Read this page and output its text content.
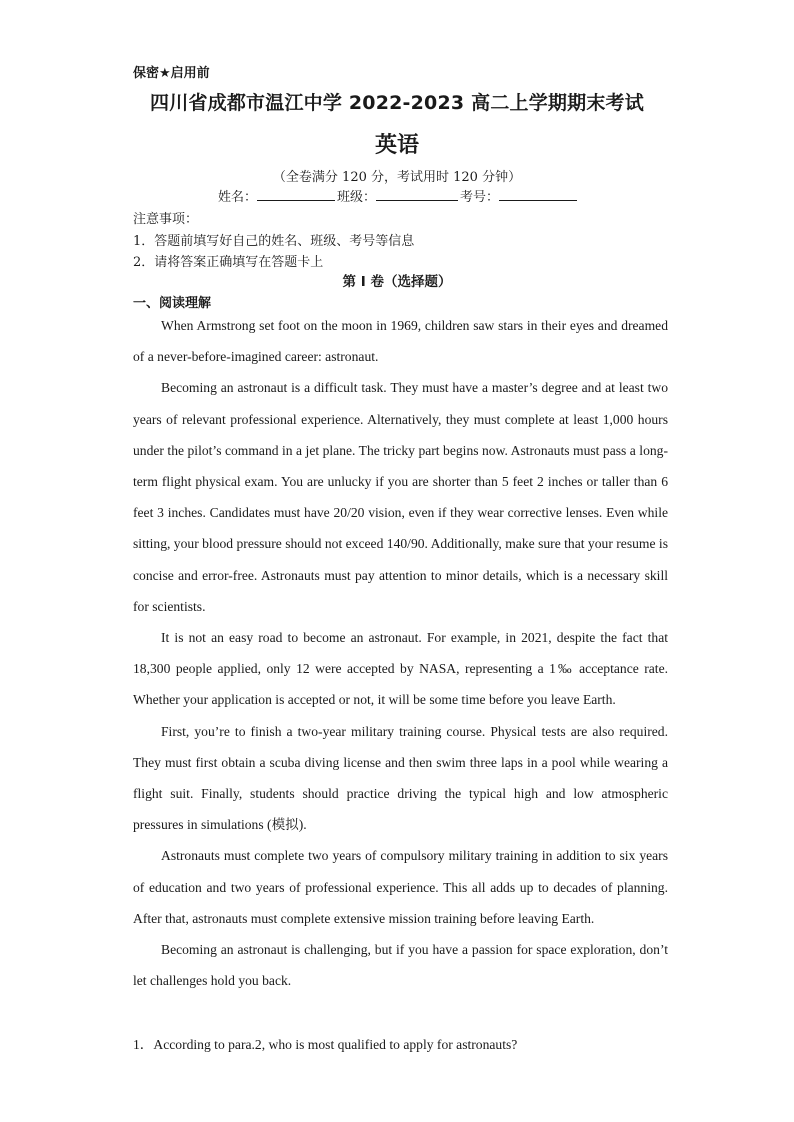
保密★启用前
四川省成都市温江中学 2022-2023 高二上学期期末考试
英语
（全卷满分 120 分，考试用时 120 分钟）
姓名：	班级：	考号：
注意事项：
1．答题前填写好自己的姓名、班级、考号等信息
2．请将答案正确填写在答题卡上
第 I 卷（选择题）
一、阅读理解

When Armstrong set foot on the moon in 1969, children saw stars in their eyes and dreamed of a never-before-imagined career: astronaut.

Becoming an astronaut is a difficult task. They must have a master’s degree and at least two years of relevant professional experience. Alternatively, they must complete at least 1,000 hours under the pilot’s command in a jet plane. The tricky part begins now. Astronauts must pass a long-term flight physical exam. You are unlucky if you are shorter than 5 feet 2 inches or taller than 6 feet 3 inches. Candidates must have 20/20 vision, even if they wear corrective lenses. Even while sitting, your blood pressure should not exceed 140/90. Additionally, make sure that your resume is concise and error-free. Astronauts must pay attention to minor details, which is a necessary skill for scientists.

It is not an easy road to become an astronaut. For example, in 2021, despite the fact that 18,300 people applied, only 12 were accepted by NASA, representing a 1‰ acceptance rate. Whether your application is accepted or not, it will be some time before you leave Earth.

First, you’re to finish a two-year military training course. Physical tests are also required. They must first obtain a scuba diving license and then swim three laps in a pool while wearing a flight suit. Finally, students should practice driving the typical high and low atmospheric pressures in simulations (模拟).

Astronauts must complete two years of compulsory military training in addition to six years of education and two years of professional experience. This all adds up to decades of planning. After that, astronauts must complete extensive mission training before leaving Earth.

Becoming an astronaut is challenging, but if you have a passion for space exploration, don’t let challenges hold you back.

1．According to para.2, who is most qualified to apply for astronauts?
